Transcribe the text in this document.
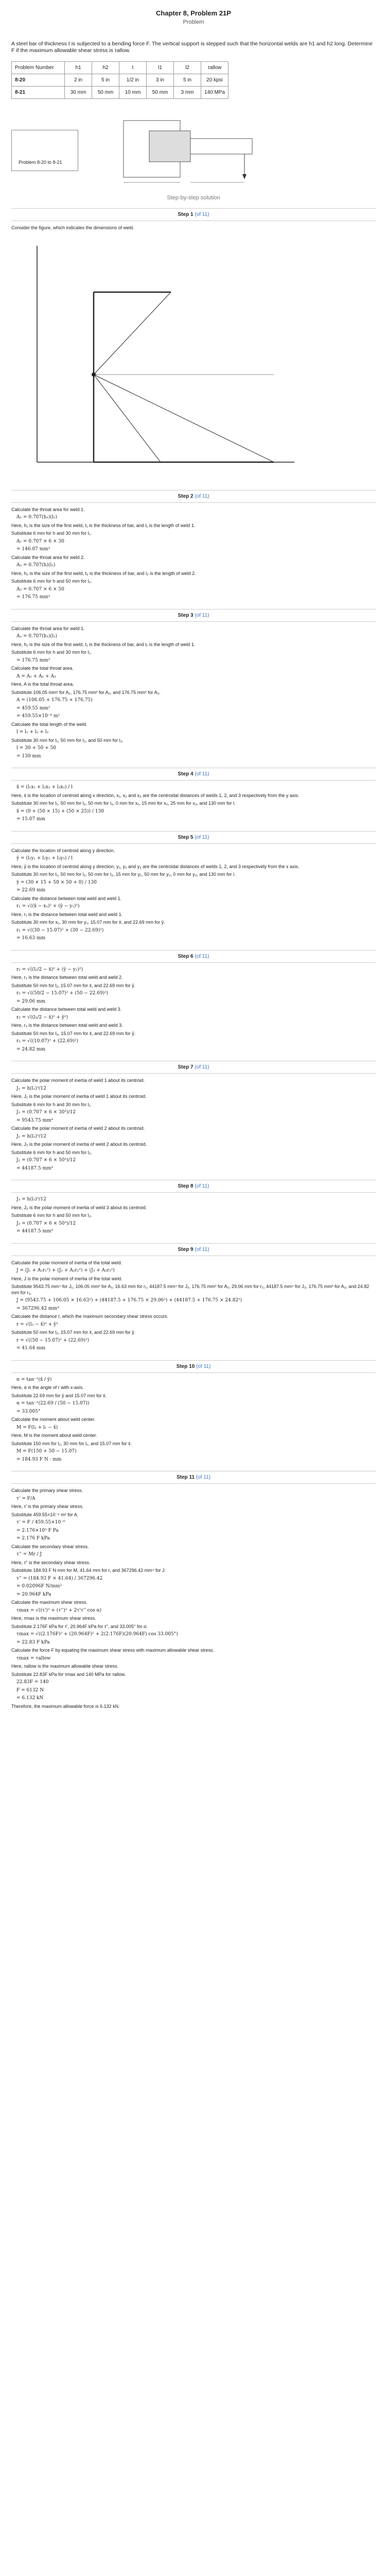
Chapter 8, Problem 21P
Problem
A steel bar of thickness t is subjected to a bending force F. The vertical support is stepped such that the horizontal welds are h1 and h2 long. Determine F if the maximum allowable shear stress is τallow.
Problem Number	h1	h2	t	l1	l2	τallow
8-20	2 in	5 in	1/2 in	3 in	5 in	20 kpsi
8-21	30 mm	50 mm	10 mm	50 mm	3 mm	140 MPa
Problem 8-20 to 8-21
Step-by-step solution
Step 1 (of 11)

Consider the figure, which indicates the dimensions of weld.

Step 2 (of 11)

Calculate the throat area for weld 1.

A₁ = 0.707(h₁)(l₁)

Here, h₁ is the size of the first weld, t₁ is the thickness of bar, and l₁ is the length of weld 1.

Substitute 6 mm for h and 30 mm for l₁.

A₁ = 0.707 × 6 × 30

= 146.07 mm²

Calculate the throat area for weld 2.

A₂ = 0.707(h)(l₂)

Here, h₂ is the size of the first weld, t₂ is the thickness of bar, and l₂ is the length of weld 2.

Substitute 6 mm for h and 50 mm for l₂.

A₂ = 0.707 × 6 × 50

= 176.75 mm²

Step 3 (of 11)

Calculate the throat area for weld 1.

A₁ = 0.707(h₁)(l₁)

Here, h₁ is the size of the first weld, t₁ is the thickness of bar, and l₁ is the length of weld 1.

Substitute 6 mm for h and 30 mm for l₁.

= 176.75 mm²

Calculate the total throat area.

A = A₁ + A₂ + A₃

Here, A is the total throat area.

Substitute 106.05 mm² for A₁, 176.75 mm² for A₂, and 176.75 mm² for A₃.

A = (106.05 + 176.75 + 176.75)

= 459.55 mm²

= 459.55×10⁻⁶ m²

Calculate the total length of the weld.

l = l₁ + l₂ + l₃

Substitute 30 mm for l₁, 50 mm for l₂, and 50 mm for l₃.

l = 30 + 50 + 50

= 130 mm

Step 4 (of 11)

x̄ = (l₁x₁ + l₂x₂ + l₃x₃) / l

Here, x̄ is the location of centroid along x direction, x₁, x₂ and x₃ are the centroidal distances of welds 1, 2, and 3 respectively from the y axis.

Substitute 30 mm for l₁, 50 mm for l₂, 50 mm for l₃, 0 mm for x₁, 15 mm for x₂, 25 mm for x₃, and 130 mm for l.

x̄ = (0 + (50 × 15) + (50 × 25)) / 130

= 15.07 mm

Step 5 (of 11)

Calculate the location of centroid along y direction.

ȳ = (l₁y₁ + l₂y₂ + l₃y₃) / l

Here, ȳ is the location of centroid along y direction, y₁, y₂ and y₃ are the centroidal distances of welds 1, 2, and 3 respectively from the x axis.

Substitute 30 mm for l₁, 50 mm for l₂, 50 mm for l₃, 15 mm for y₁, 50 mm for y₂, 0 mm for y₃, and 130 mm for l.

ȳ = (30 × 15 + 50 × 50 + 0) / 130

= 22.69 mm

Calculate the distance between total weld and weld 1.

r₁ = √((x̄ − x₁)² + (ȳ − y₁)²)

Here, r₁ is the distance between total weld and weld 1.

Substitute 30 mm for x₁, 30 mm for y₁, 15.07 mm for x̄, and 22.69 mm for ȳ.

r₁ = √((30 − 15.07)² + (30 − 22.69)²)

= 16.63 mm

Step 6 (of 11)

r₂ = √((l₂/2 − x̄)² + (ȳ − y₂)²)

Here, r₂ is the distance between total weld and weld 2.

Substitute 50 mm for l₂, 15.07 mm for x̄, and 22.69 mm for ȳ.

r₂ = √((50/2 − 15.07)² + (50 − 22.69)²)

= 29.06 mm

Calculate the distance between total weld and weld 3.

r₃ = √((l₃/2 − x̄)² + ȳ²)

Here, r₃ is the distance between total weld and weld 3.

Substitute 50 mm for l₃, 15.07 mm for x̄, and 22.69 mm for ȳ.

r₃ = √((10.07)² + (22.69)²)

= 24.82 mm

Step 7 (of 11)

Calculate the polar moment of inertia of weld 1 about its centroid.

J₁ = h(l₁)³/12

Here, J₁ is the polar moment of inertia of weld 1 about its centroid.

Substitute 6 mm for h and 30 mm for l₁.

J₁ = (0.707 × 6 × 30³)/12

= 9543.75 mm⁴

Calculate the polar moment of inertia of weld 2 about its centroid.

J₂ = h(l₂)³/12

Here, J₂ is the polar moment of inertia of weld 2 about its centroid.

Substitute 6 mm for h and 50 mm for l₂.

J₂ = (0.707 × 6 × 50³)/12

= 44187.5 mm⁴

Step 8 (of 11)

J₃ = h(l₃)³/12

Here, J₃ is the polar moment of inertia of weld 3 about its centroid.

Substitute 6 mm for h and 50 mm for l₃.

J₃ = (0.707 × 6 × 50³)/12

= 44187.5 mm⁴

Step 9 (of 11)

Calculate the polar moment of inertia of the total weld.

J = (J₁ + A₁r₁²) + (J₂ + A₂r₂²) + (J₃ + A₃r₃²)

Here, J is the polar moment of inertia of the total weld.

Substitute 9543.75 mm⁴ for J₁, 106.05 mm² for A₁, 16.63 mm for r₁, 44187.5 mm⁴ for J₂, 176.75 mm² for A₂, 29.06 mm for r₂, 44187.5 mm⁴ for J₃, 176.75 mm² for A₃, and 24.82 mm for r₃.

J = (9543.75 + 106.05 × 16.63²) + (44187.5 + 176.75 × 29.06²) + (44187.5 + 176.75 × 24.82²)

= 367296.42 mm⁴

Calculate the distance r, which the maximum secondary shear stress occurs.

r = √(l₂ − x̄)² + ȳ²

Substitute 50 mm for l₂, 15.07 mm for x̄, and 22.69 mm for ȳ.

r = √((50 − 15.07)² + (22.69)²)

= 41.64 mm

Step 10 (of 11)

α = tan⁻¹(x̄ / ȳ)

Here, α is the angle of r with x-axis.

Substitute 22.69 mm for ȳ and 15.07 mm for x̄.

α = tan⁻¹(22.69 / (50 − 15.07))

= 33.005°

Calculate the moment about weld center.

M = F(l₂ + l₁ − x̄)

Here, M is the moment about weld center.

Substitute 150 mm for l₂, 30 mm for l₁, and 15.07 mm for x̄.

M = F(150 + 50 − 15.07)

= 184.93 F N · mm

Step 11 (of 11)

Calculate the primary shear stress.

τ' = F/A

Here, τ' is the primary shear stress.

Substitute 459.55×10⁻⁶ m² for A.

τ' = F / 459.55×10⁻⁶

= 2.176×10³ F Pa

= 2.176 F kPa

Calculate the secondary shear stress.

τ'' = Mr / J

Here, τ'' is the secondary shear stress.

Substitute 184.93 F N·mm for M, 41.64 mm for r, and 367296.42 mm⁴ for J.

τ'' = (184.93 F × 41.64) / 367296.42

= 0.02096F N/mm²

= 20.964F kPa

Calculate the maximum shear stress.

τmax = √((τ')² + (τ'')² + 2τ'τ'' cos α)

Here, τmax is the maximum shear stress.

Substitute 2.176F kPa for τ', 20.964F kPa for τ'', and 33.005° for α.

τmax = √((2.176F)² + (20.964F)² + 2(2.176F)(20.964F) cos 33.005°)

= 22.83 F kPa

Calculate the force F by equating the maximum shear stress with maximum allowable shear stress.

τmax = τallow

Here, τallow is the maximum allowable shear stress.

Substitute 22.83F kPa for τmax and 140 MPa for τallow.

22.83F = 140

F = 6132 N

= 6.132 kN

Therefore, the maximum allowable force is 6.132 kN.
